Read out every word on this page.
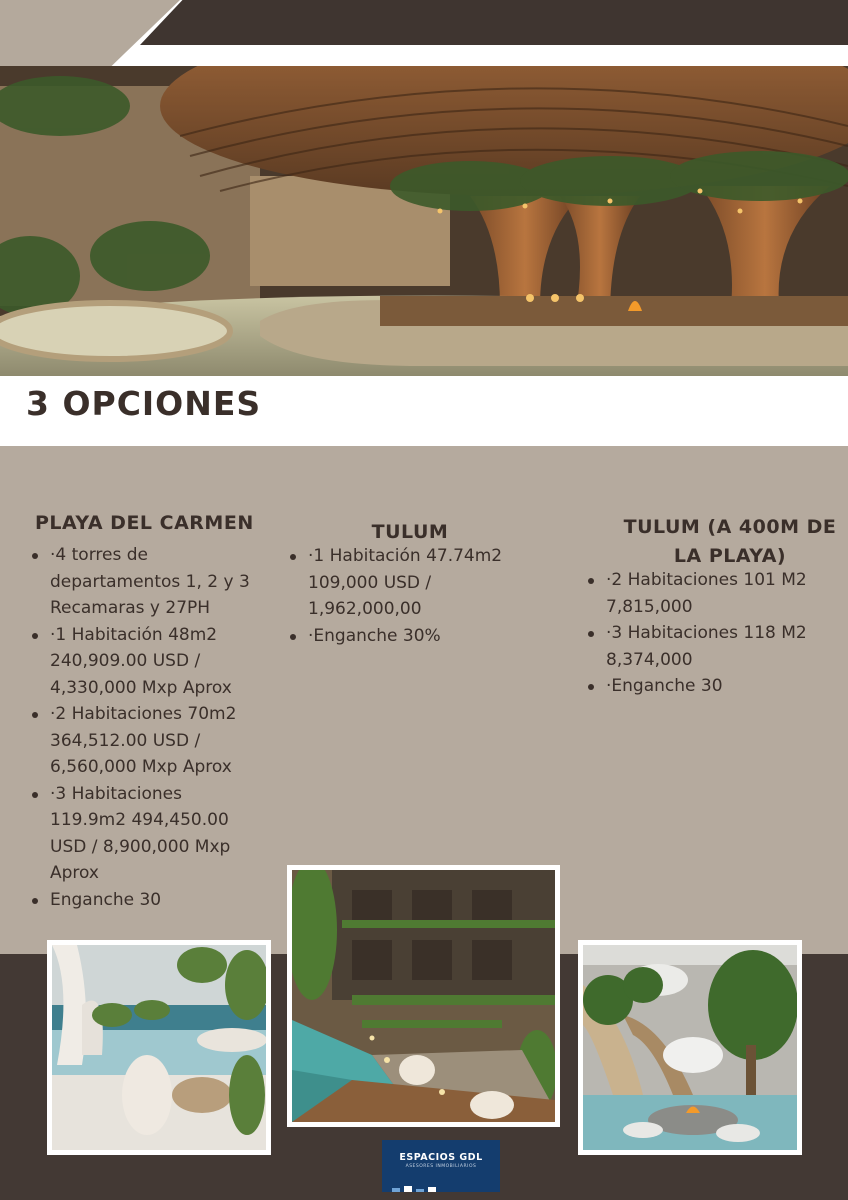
3 OPCIONES
PLAYA DEL CARMEN
·4 torres de departamentos 1, 2 y 3 Recamaras y 27PH
·1 Habitación 48m2 240,909.00 USD / 4,330,000 Mxp Aprox
·2 Habitaciones 70m2 364,512.00 USD / 6,560,000 Mxp Aprox
·3 Habitaciones 119.9m2 494,450.00 USD / 8,900,000 Mxp Aprox
Enganche 30
TULUM
·1 Habitación 47.74m2 109,000 USD / 1,962,000,00
·Enganche 30%
TULUM (A 400M DE LA PLAYA)
·2 Habitaciones 101 M2 7,815,000
·3 Habitaciones 118 M2 8,374,000
·Enganche 30
ESPACIOS GDL
ASESORES INMOBILIARIOS
